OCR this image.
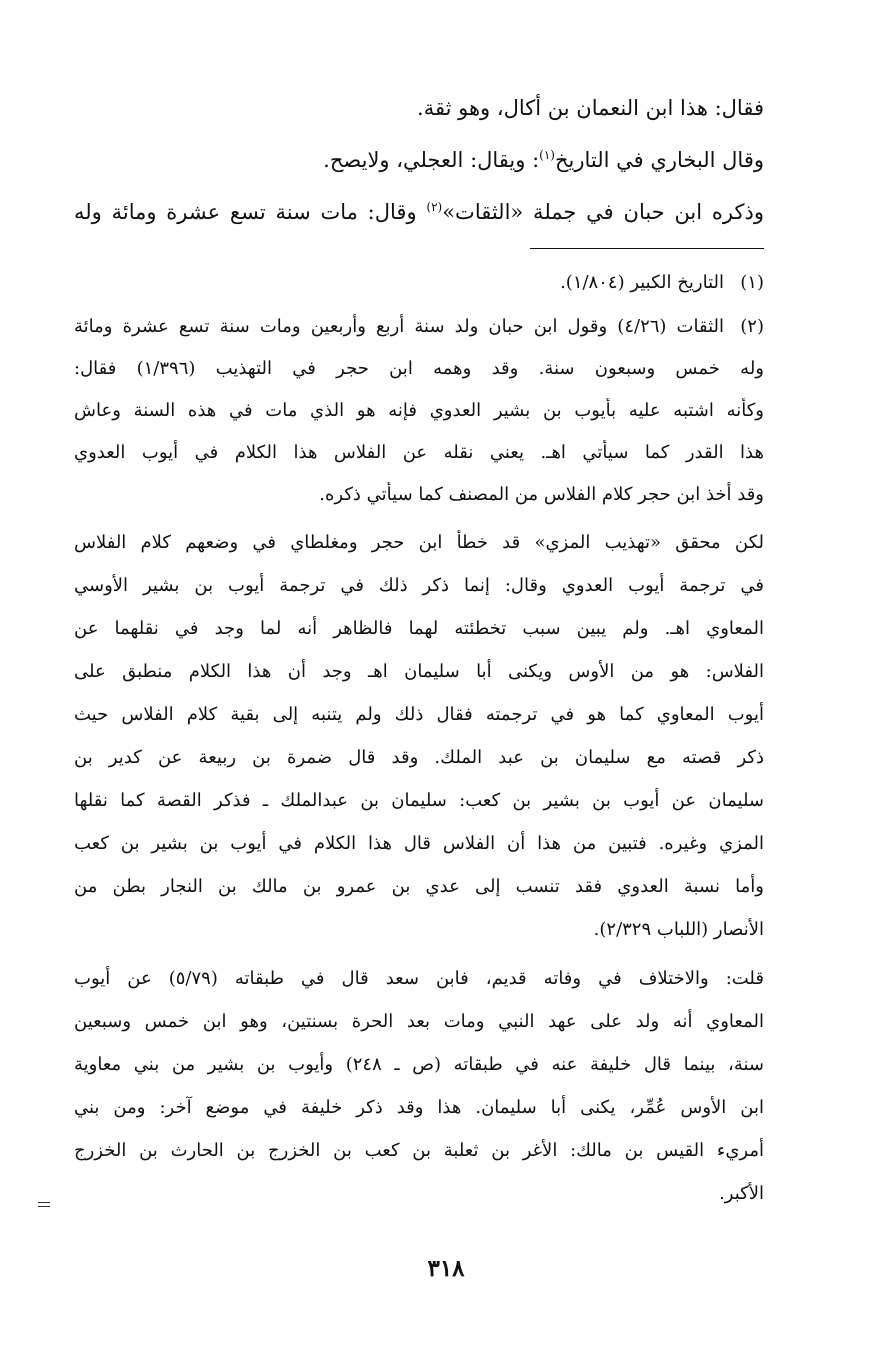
فقال: هذا ابن النعمان بن أكال، وهو ثقة.
وقال البخاري في التاريخ$^{(١)}$: ويقال: العجلي، ولايصح.
وذكره ابن حبان في جملة «الثقات»$^{(٢)}$ وقال: مات سنة تسع عشرة ومائة وله
(١)
التاريخ الكبير (١/٨٠٤).
(٢)
الثقات (٤/٢٦) وقول ابن حبان ولد سنة أربع وأربعين ومات سنة تسع عشرة ومائة
وله خمس وسبعون سنة. وقد وهمه ابن حجر في التهذيب (١/٣٩٦) فقال:
وكأنه اشتبه عليه بأيوب بن بشير العدوي فإنه هو الذي مات في هذه السنة وعاش
هذا القدر كما سيأتي اهـ. يعني نقله عن الفلاس هذا الكلام في أيوب العدوي
وقد أخذ ابن حجر كلام الفلاس من المصنف كما سيأتي ذكره.
لكن محقق «تهذيب المزي» قد خطأ ابن حجر ومغلطاي في وضعهم كلام الفلاس
في ترجمة أيوب العدوي وقال: إنما ذكر ذلك في ترجمة أيوب بن بشير الأوسي
المعاوي اهـ. ولم يبين سبب تخطئته لهما فالظاهر أنه لما وجد في نقلهما عن
الفلاس: هو من الأوس ويكنى أبا سليمان اهـ وجد أن هذا الكلام منطبق على
أيوب المعاوي كما هو في ترجمته فقال ذلك ولم يتنبه إلى بقية كلام الفلاس حيث
ذكر قصته مع سليمان بن عبد الملك. وقد قال ضمرة بن ربيعة عن كدير بن
سليمان عن أيوب بن بشير بن كعب: سليمان بن عبدالملك ـ فذكر القصة كما نقلها
المزي وغيره. فتبين من هذا أن الفلاس قال هذا الكلام في أيوب بن بشير بن كعب
وأما نسبة العدوي فقد تنسب إلى عدي بن عمرو بن مالك بن النجار بطن من
الأنصار (اللباب ٢/٣٢٩).
قلت: والاختلاف في وفاته قديم، فابن سعد قال في طبقاته (٥/٧٩) عن أيوب
المعاوي أنه ولد على عهد النبي ومات بعد الحرة بسنتين، وهو ابن خمس وسبعين
سنة، بينما قال خليفة عنه في طبقاته (ص ـ ٢٤٨) وأيوب بن بشير من بني معاوية
ابن الأوس عُمِّر، يكنى أبا سليمان. هذا وقد ذكر خليفة في موضع آخر: ومن بني
أمريء القيس بن مالك: الأغر بن ثعلبة بن كعب بن الخزرج بن الحارث بن الخزرج
الأكبر.
٣١٨
